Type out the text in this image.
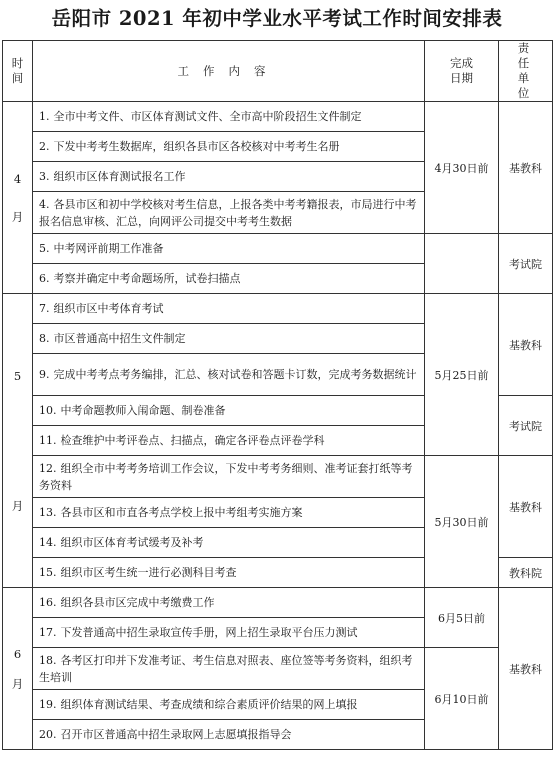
岳阳市 2021 年初中学业水平考试工作时间安排表
时间	工作内容	完成日期	责任单位
4月	1. 全市中考文件、市区体育测试文件、全市高中阶段招生文件制定	4月30日前	基教科
	2. 下发中考考生数据库，组织各县市区各校核对中考考生名册		
	3. 组织市区体育测试报名工作		
	4. 各县市区和初中学校核对考生信息，上报各类中考考籍报表，市局进行中考报名信息审核、汇总，向网评公司提交中考考生数据		
	5. 中考网评前期工作准备		考试院
	6. 考察并确定中考命题场所，试卷扫描点		
5月	7. 组织市区中考体育考试	5月25日前	基教科
	8. 市区普通高中招生文件制定		
	9. 完成中考考点考务编排，汇总、核对试卷和答题卡订数，完成考务数据统计		
	10. 中考命题教师入闱命题、制卷准备		考试院
	11. 检查维护中考评卷点、扫描点，确定各评卷点评卷学科		
	12. 组织全市中考考务培训工作会议，下发中考考务细则、准考证套打纸等考务资料	5月30日前	基教科
	13. 各县市区和市直各考点学校上报中考组考实施方案		
	14. 组织市区体育考试缓考及补考		
	15. 组织市区考生统一进行必测科目考查		教科院
6月	16. 组织各县市区完成中考缴费工作	6月5日前	基教科
	17. 下发普通高中招生录取宣传手册，网上招生录取平台压力测试		
	18. 各考区打印并下发准考证、考生信息对照表、座位签等考务资料，组织考生培训	6月10日前	
	19. 组织体育测试结果、考查成绩和综合素质评价结果的网上填报		
	20. 召开市区普通高中招生录取网上志愿填报指导会		
